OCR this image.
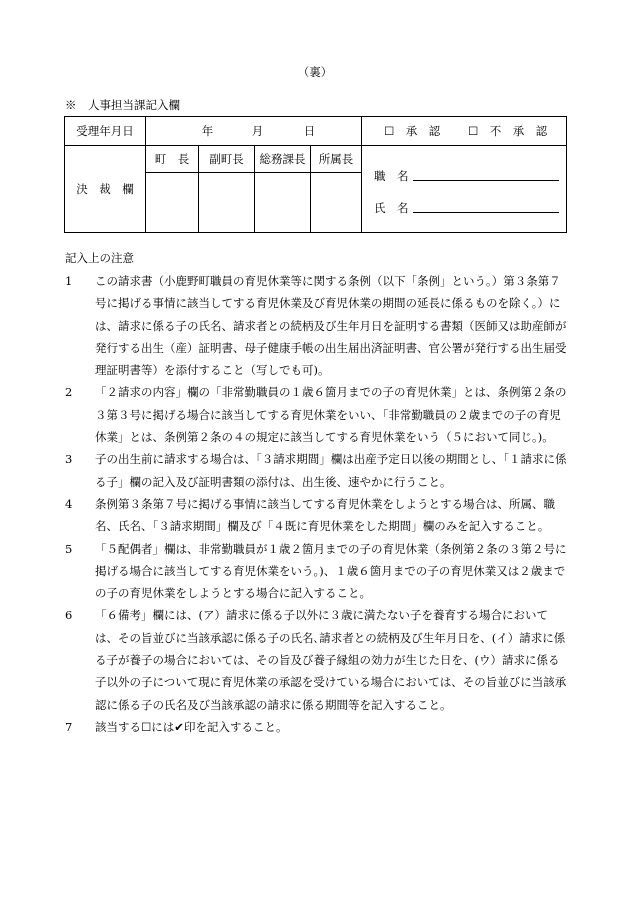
（裏）
※　人事担当課記入欄
受理年月日	年 月 日				☐　承　認 ☐　不　承　認
決　裁　欄	町　長	副町長	総務課長	所属長	職　名
氏　名

記入上の注意
1 この請求書（小鹿野町職員の育児休業等に関する条例（以下「条例」という。）第３条第７号に掲げる事情に該当してする育児休業及び育児休業の期間の延長に係るものを除く。）には、請求に係る子の氏名、請求者との続柄及び生年月日を証明する書類（医師又は助産師が発行する出生（産）証明書、母子健康手帳の出生届出済証明書、官公署が発行する出生届受理証明書等）を添付すること（写しでも可)。
2 「２請求の内容」欄の「非常勤職員の１歳６箇月までの子の育児休業」とは、条例第２条の３第３号に掲げる場合に該当してする育児休業をいい、「非常勤職員の２歳までの子の育児休業」とは、条例第２条の４の規定に該当してする育児休業をいう（５において同じ。)。
3 子の出生前に請求する場合は、「３請求期間」欄は出産予定日以後の期間とし、「１請求に係る子」欄の記入及び証明書類の添付は、出生後、速やかに行うこと。
4 条例第３条第７号に掲げる事情に該当してする育児休業をしようとする場合は、所属、職名、氏名、「３請求期間」欄及び「４既に育児休業をした期間」欄のみを記入すること。
5 「５配偶者」欄は、非常勤職員が１歳２箇月までの子の育児休業（条例第２条の３第２号に掲げる場合に該当してする育児休業をいう。)、１歳６箇月までの子の育児休業又は２歳までの子の育児休業をしようとする場合に記入すること。
6 「６備考」欄には、(ア）請求に係る子以外に３歳に満たない子を養育する場合においては、その旨並びに当該承認に係る子の氏名､請求者との続柄及び生年月日を、(イ）請求に係る子が養子の場合においては、その旨及び養子縁組の効力が生じた日を、(ウ）請求に係る子以外の子について現に育児休業の承認を受けている場合においては、その旨並びに当該承認に係る子の氏名及び当該承認の請求に係る期間等を記入すること。
7 該当する☐には✔印を記入すること。
